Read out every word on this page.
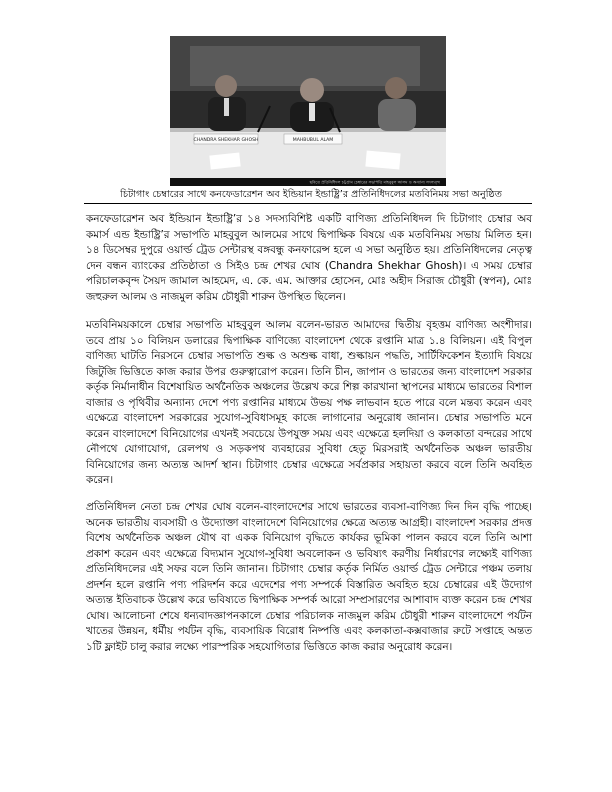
CHANDRA SHEKHAR GHOSH	MAHBUBUL ALAM
ছবিতে প্রতিনিধিদল চট্টগ্রাম চেম্বারের সভাপতি মাহবুবুল আলম ও অন্যান্য সদস্যবৃন্দ
চিটাগাং চেম্বারের সাথে কনফেডারেশন অব ইন্ডিয়ান ইন্ডাষ্ট্রি’র প্রতিনিধিদলের মতবিনিময় সভা অনুষ্ঠিত

কনফেডারেশন অব ইন্ডিয়ান ইন্ডাষ্ট্রি’র ১৪ সদস্যবিশিষ্ট একটি বাণিজ্য প্রতিনিধিদল দি চিটাগাং চেম্বার অব কমার্স এন্ড ইন্ডাষ্ট্রি’র সভাপতি মাহবুবুল আলমের সাথে দ্বিপাক্ষিক বিষয়ে এক মতবিনিময় সভায় মিলিত হন। ১৪ ডিসেম্বর দুপুরে ওয়ার্ল্ড ট্রেড সেন্টারস্থ বঙ্গবন্ধু কনফারেন্স হলে এ সভা অনুষ্ঠিত হয়। প্রতিনিধিদলের নেতৃত্ব দেন বন্ধন ব্যাংকের প্রতিষ্ঠাতা ও সিইও চন্দ্র শেখর ঘোষ (Chandra Shekhar Ghosh)। এ সময় চেম্বার পরিচালকবৃন্দ সৈয়দ জামাল আহমেদ, এ. কে. এম. আক্তার হোসেন, মোঃ অহীদ সিরাজ চৌধুরী (স্বপন), মোঃ জহুরুল আলম ও নাজমুল করিম চৌধুরী শারুন উপস্থিত ছিলেন।

মতবিনিময়কালে চেম্বার সভাপতি মাহবুবুল আলম বলেন-ভারত আমাদের দ্বিতীয় বৃহত্তম বাণিজ্য অংশীদার। তবে প্রায় ১০ বিলিয়ন ডলারের দ্বিপাক্ষিক বাণিজ্যে বাংলাদেশ থেকে রপ্তানি মাত্র ১.৪ বিলিয়ন। এই বিপুল বাণিজ্য ঘাটতি নিরসনে চেম্বার সভাপতি শুল্ক ও অশুল্ক বাধা, শুল্কায়ন পদ্ধতি, সার্টিফিকেশন ইত্যাদি বিষয়ে জিটুজি ভিত্তিতে কাজ করার উপর গুরুত্বারোপ করেন। তিনি চীন, জাপান ও ভারতের জন্য বাংলাদেশ সরকার কর্তৃক নির্মানাধীন বিশেষায়িত অর্থনৈতিক অঞ্চলের উল্লেখ করে শিল্প কারখানা স্থাপনের মাধ্যমে ভারতের বিশাল বাজার ও পৃথিবীর অন্যান্য দেশে পণ্য রপ্তানির মাধ্যমে উভয় পক্ষ লাভবান হতে পারে বলে মন্তব্য করেন এবং এক্ষেত্রে বাংলাদেশ সরকারের সুযোগ-সুবিধাসমূহ কাজে লাগানোর অনুরোধ জানান। চেম্বার সভাপতি মনে করেন বাংলাদেশে বিনিয়োগের এখনই সবচেয়ে উপযুক্ত সময় এবং এক্ষেত্রে হলদিয়া ও কলকাতা বন্দরের সাথে নৌপথে যোগাযোগ, রেলপথ ও সড়কপথ ব্যবহারের সুবিধা হেতু মিরসরাই অর্থনৈতিক অঞ্চল ভারতীয় বিনিয়োগের জন্য অত্যন্ত আদর্শ স্থান। চিটাগাং চেম্বার এক্ষেত্রে সর্বপ্রকার সহায়তা করবে বলে তিনি অবহিত করেন।

প্রতিনিধিদল নেতা চন্দ্র শেখর ঘোষ বলেন-বাংলাদেশের সাথে ভারতের ব্যবসা-বাণিজ্য দিন দিন বৃদ্ধি পাচ্ছে। অনেক ভারতীয় ব্যবসায়ী ও উদ্যোক্তা বাংলাদেশে বিনিয়োগের ক্ষেত্রে অত্যন্ত আগ্রহী। বাংলাদেশ সরকার প্রদত্ত বিশেষ অর্থনৈতিক অঞ্চল যৌথ বা একক বিনিয়োগ বৃদ্ধিতে কার্যকর ভূমিকা পালন করবে বলে তিনি আশা প্রকাশ করেন এবং এক্ষেত্রে বিদ্যমান সুযোগ-সুবিধা অবলোকন ও ভবিষ্যৎ করণীয় নির্ধারণের লক্ষ্যেই বাণিজ্য প্রতিনিধিদলের এই সফর বলে তিনি জানান। চিটাগাং চেম্বার কর্তৃক নির্মিত ওয়ার্ল্ড ট্রেড সেন্টারে পঞ্চম তলায় প্রদর্শন হলে রপ্তানি পণ্য পরিদর্শন করে এদেশের পণ্য সম্পর্কে বিস্তারিত অবহিত হয়ে চেম্বারের এই উদ্যোগ অত্যন্ত ইতিবাচক উল্লেখ করে ভবিষ্যতে দ্বিপাক্ষিক সম্পর্ক আরো সম্প্রসারণের আশাবাদ ব্যক্ত করেন চন্দ্র শেখর ঘোষ। আলোচনা শেষে ধন্যবাদজ্ঞাপনকালে চেম্বার পরিচালক নাজমুল করিম চৌধুরী শারুন বাংলাদেশে পর্যটন খাতের উন্নয়ন, ধর্মীয় পর্যটন বৃদ্ধি, ব্যবসায়িক বিরোধ নিষ্পত্তি এবং কলকাতা-কক্সবাজার রুটে সপ্তাহে অন্তত ১টি ফ্লাইট চালু করার লক্ষ্যে পারস্পরিক সহযোগিতার ভিত্তিতে কাজ করার অনুরোধ করেন।
